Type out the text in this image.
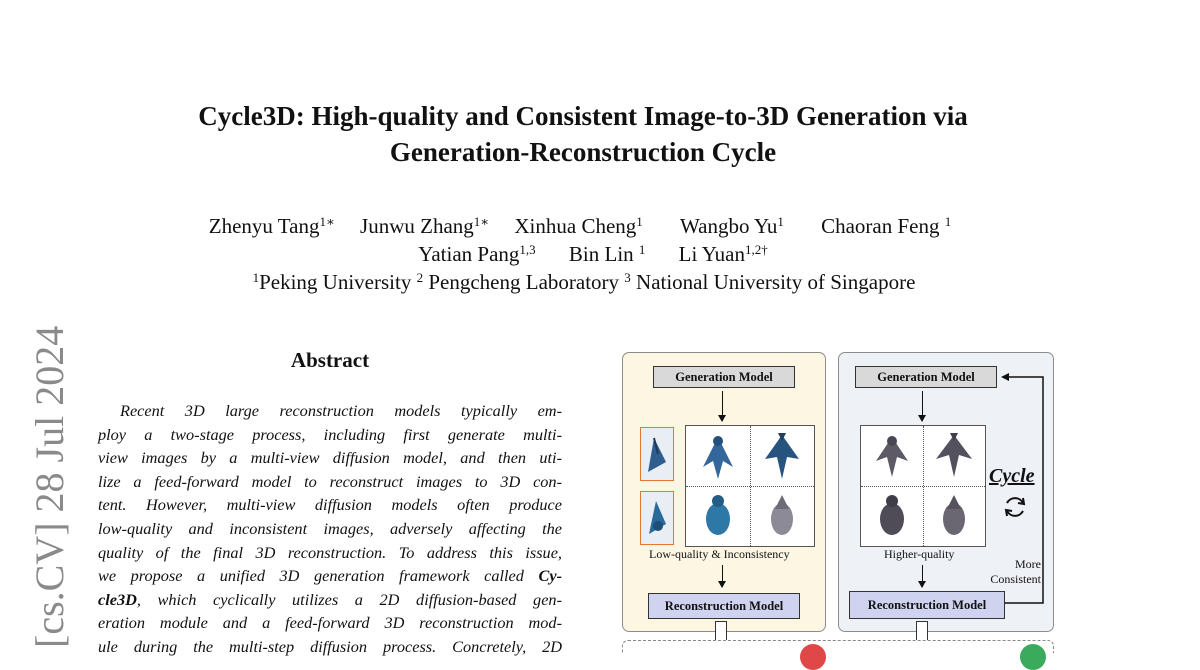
Cycle3D: High-quality and Consistent Image-to-3D Generation via
Generation-Reconstruction Cycle
Zhenyu Tang$^{1∗}$ Junwu Zhang$^{1∗}$ Xinhua Cheng$^1$ Wangbo Yu$^1$ Chaoran Feng $^1$
Yatian Pang$^{1,3}$ Bin Lin $^1$ Li Yuan$^{1,2\dagger}$
$^1$Peking University $^2$ Pengcheng Laboratory $^3$ National University of Singapore
[cs.CV] 28 Jul 2024	Abstract
Recent 3D large reconstruction models typically em-
ploy a two-stage process, including first generate multi-
view images by a multi-view diffusion model, and then uti-
lize a feed-forward model to reconstruct images to 3D con-
tent. However, multi-view diffusion models often produce
low-quality and inconsistent images, adversely affecting the
quality of the final 3D reconstruction. To address this issue,
we propose a unified 3D generation framework called Cy-
cle3D, which cyclically utilizes a 2D diffusion-based gen-
eration module and a feed-forward 3D reconstruction mod-
ule during the multi-step diffusion process. Concretely, 2D
Generation Model
Low-quality & Inconsistency
Reconstruction Model
Generation Model
Cycle
Higher-quality
More
Consistent
Reconstruction Model
